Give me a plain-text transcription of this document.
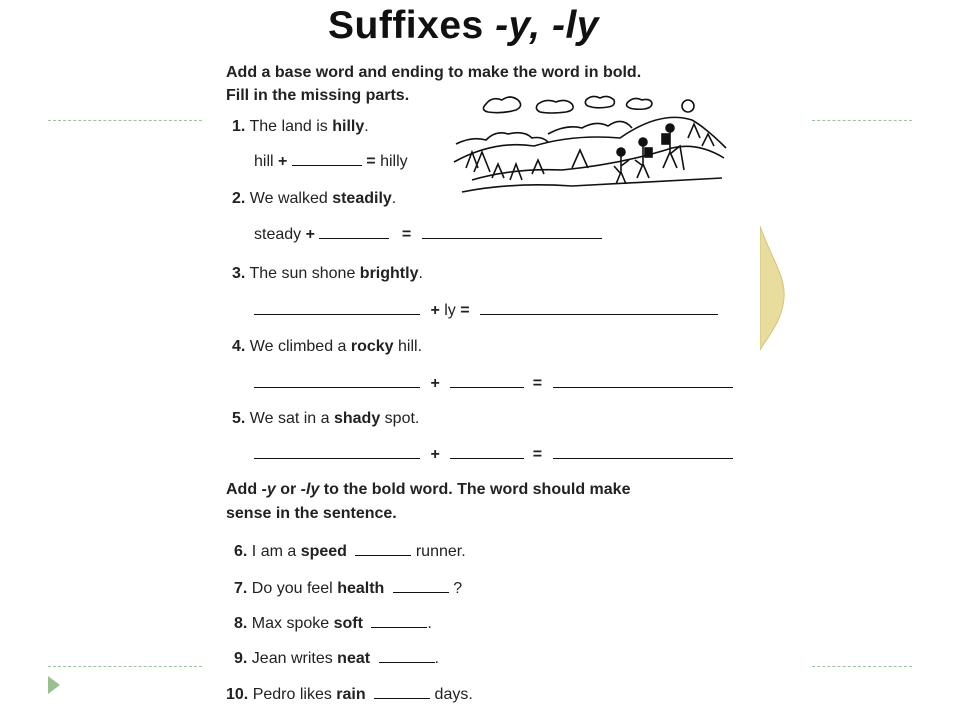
Suffixes -y, -ly
Add a base word and ending to make the word in bold.
Fill in the missing parts.
1. The land is hilly.
hill +	= hilly
2. We walked steadily.
steady +	=
3. The sun shone brightly.
+ ly =
4. We climbed a rocky hill.
+	=
5. We sat in a shady spot.
+	=
Add -y or -ly to the bold word. The word should make
sense in the sentence.
6. I am a speed	runner.
7. Do you feel health	?
8. Max spoke soft	.
9. Jean writes neat	.
10. Pedro likes rain	days.
